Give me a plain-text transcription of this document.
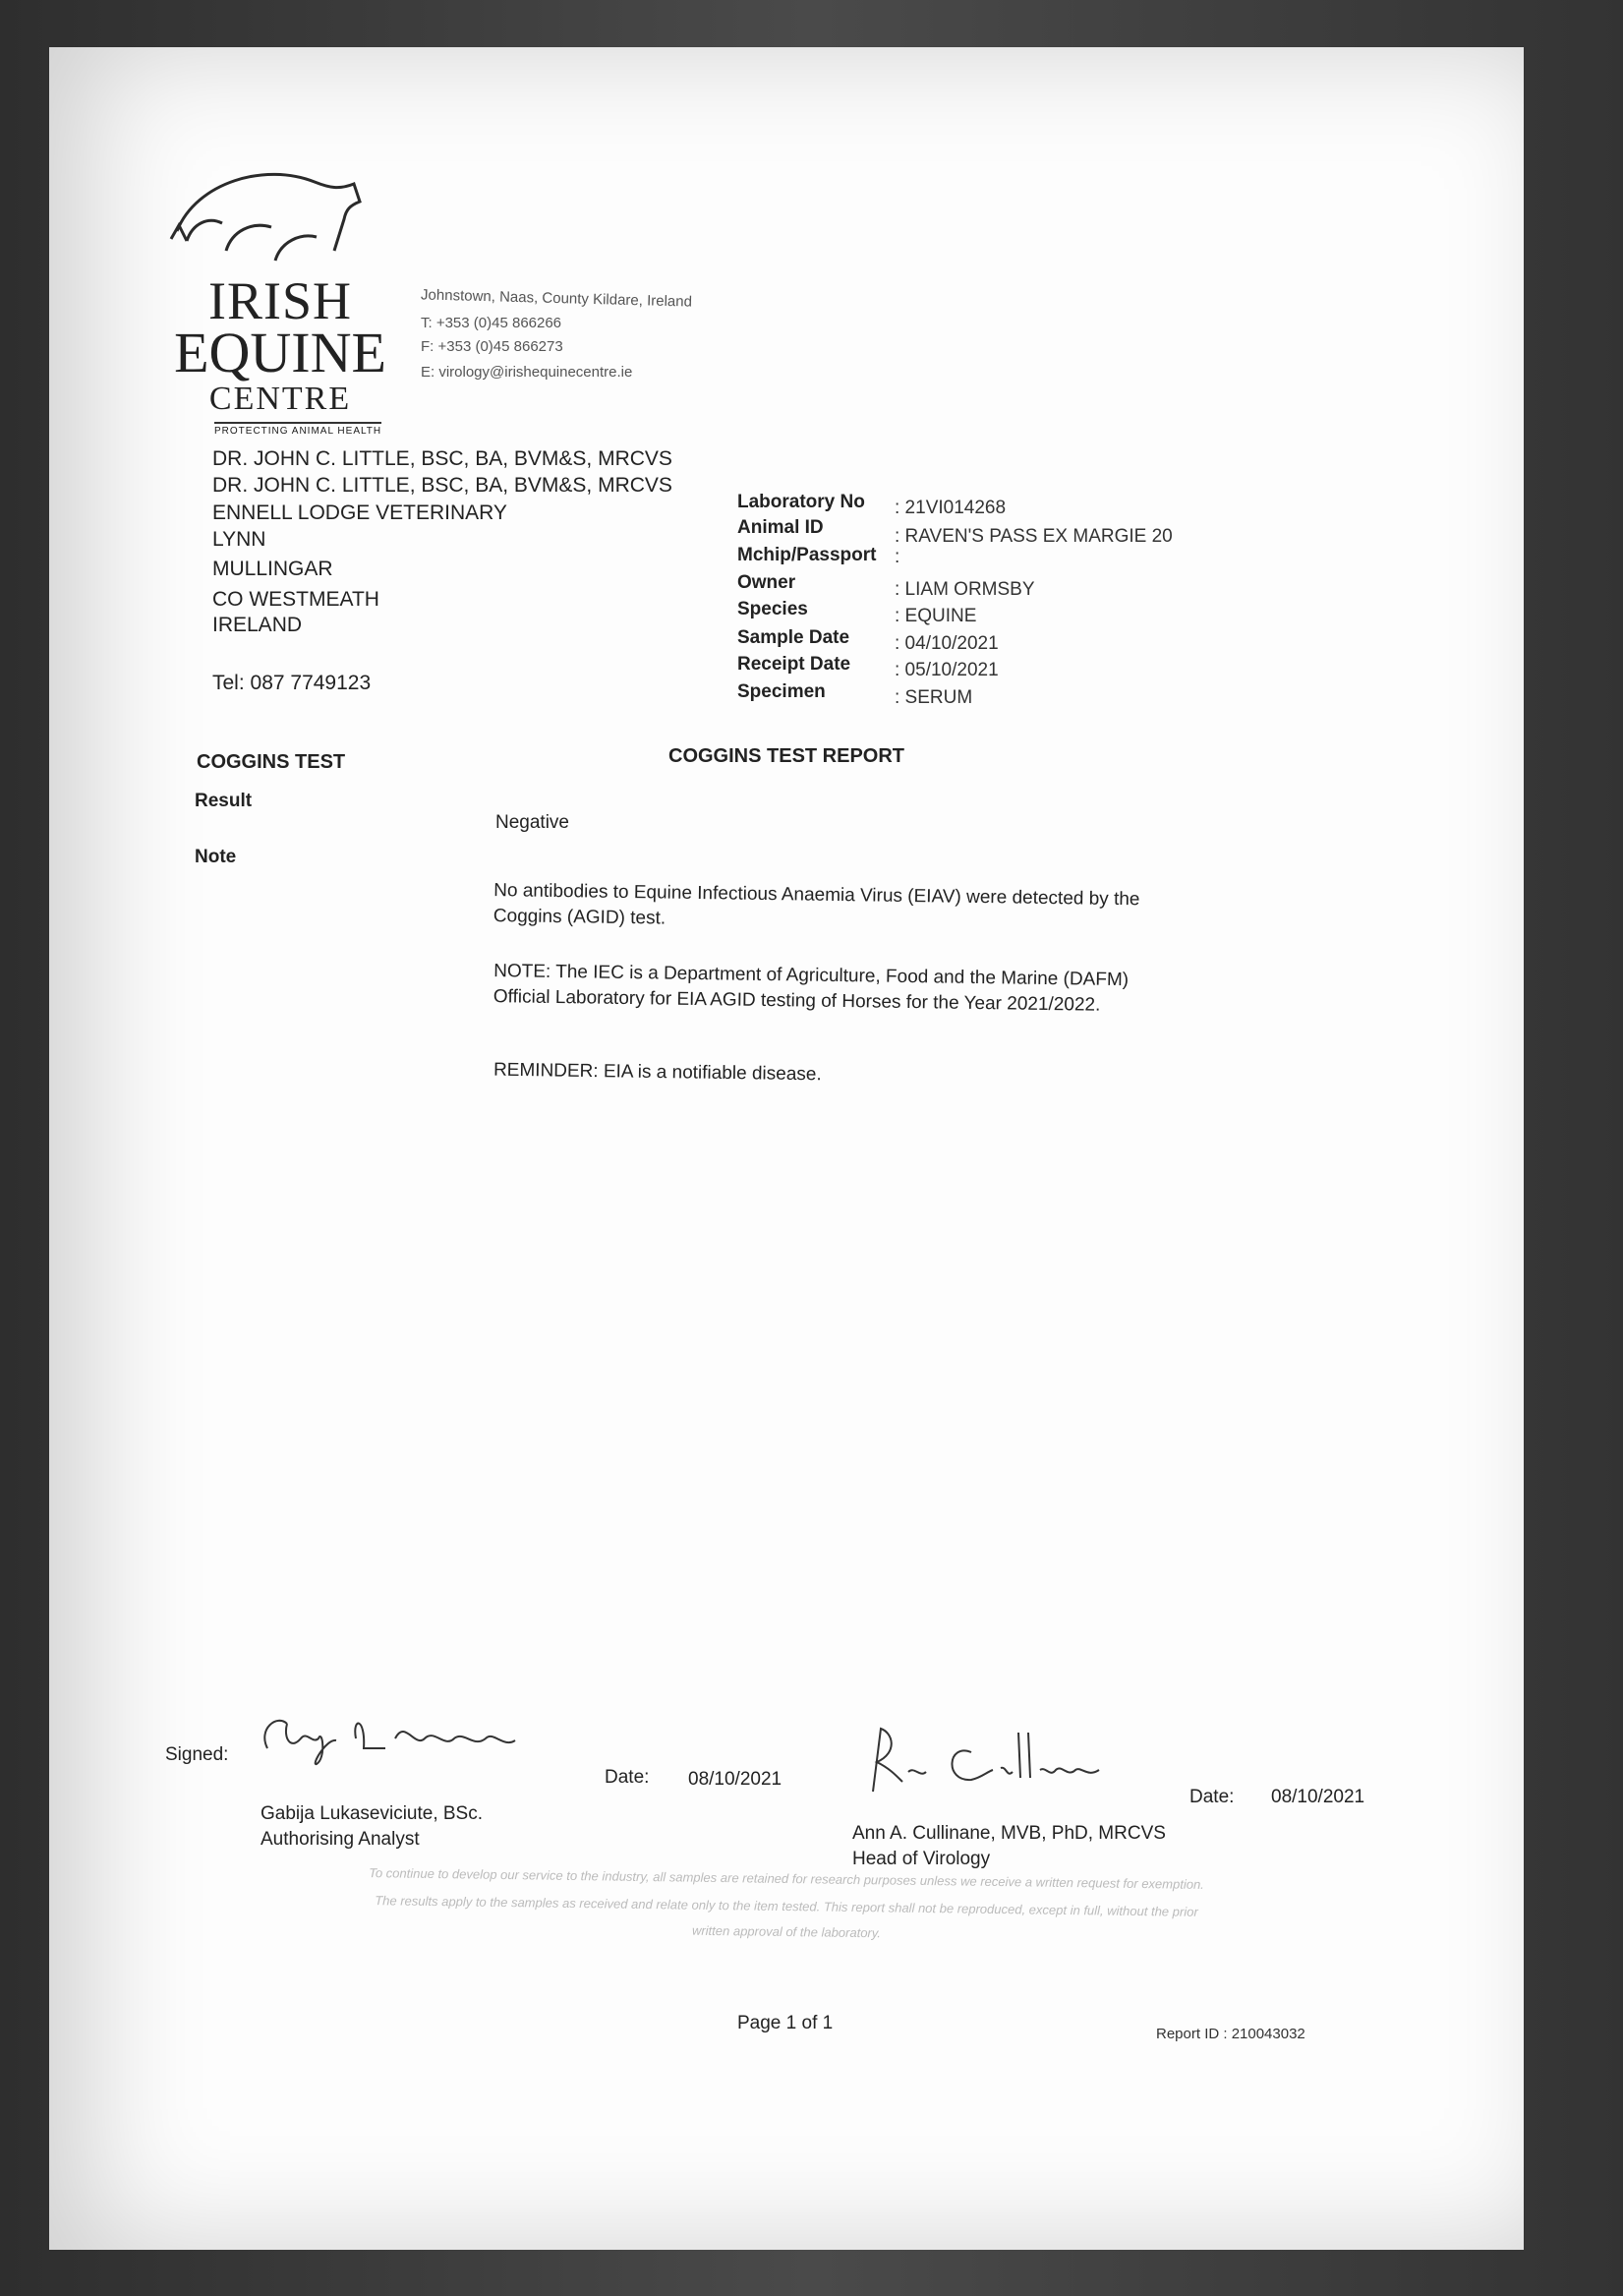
IRISH
EQUINE
CENTRE
PROTECTING ANIMAL HEALTH
Johnstown, Naas, County Kildare, Ireland
T: +353 (0)45 866266
F: +353 (0)45 866273
E: virology@irishequinecentre.ie
DR. JOHN C. LITTLE, BSC, BA, BVM&S, MRCVS
DR. JOHN C. LITTLE, BSC, BA, BVM&S, MRCVS
ENNELL LODGE VETERINARY
LYNN
MULLINGAR
CO WESTMEATH
IRELAND
Tel: 087 7749123
Laboratory No : 21VI014268
Animal ID	: RAVEN'S PASS EX MARGIE 20
Mchip/Passport :
Owner	: LIAM ORMSBY
Species	: EQUINE
Sample Date : 04/10/2021
Receipt Date : 05/10/2021
Specimen	: SERUM
COGGINS TEST	COGGINS TEST REPORT
Result
Negative
Note
No antibodies to Equine Infectious Anaemia Virus (EIAV) were detected by the Coggins (AGID) test.
NOTE: The IEC is a Department of Agriculture, Food and the Marine (DAFM) Official Laboratory for EIA AGID testing of Horses for the Year 2021/2022.
REMINDER: EIA is a notifiable disease.
Signed:
Date: 08/10/2021
Gabija Lukaseviciute, BSc.
Authorising Analyst
Date: 08/10/2021
Ann A. Cullinane, MVB, PhD, MRCVS
Head of Virology
To continue to develop our service to the industry, all samples are retained for research purposes unless we receive a written request for exemption.
The results apply to the samples as received and relate only to the item tested. This report shall not be reproduced, except in full, without the prior
written approval of the laboratory.
Page 1 of 1
Report ID : 210043032
